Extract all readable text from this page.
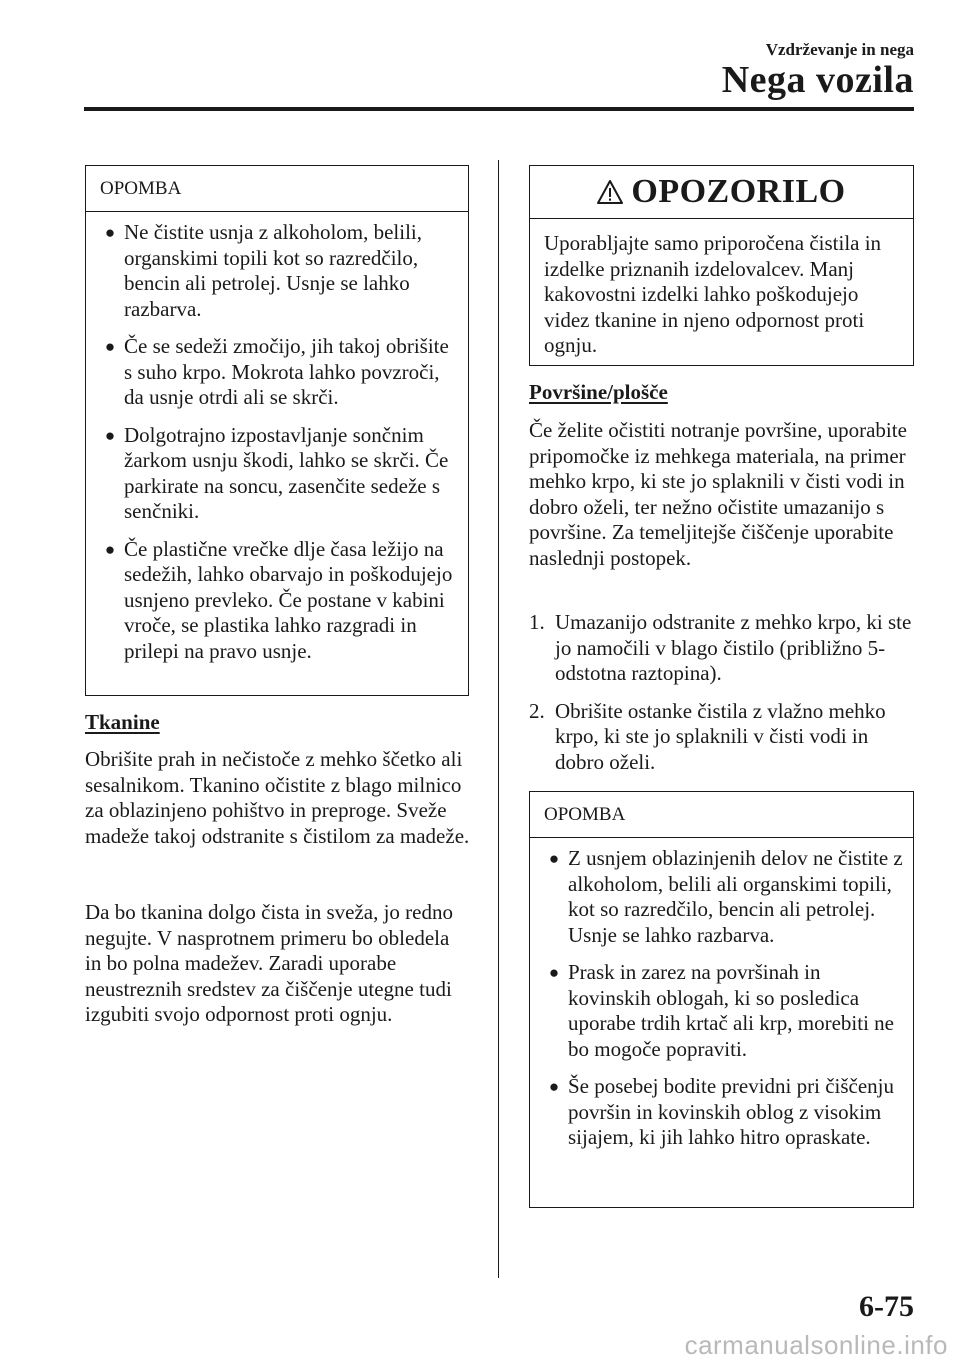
Vzdrževanje in nega
Nega vozila
OPOMBA
● Ne čistite usnja z alkoholom, belili, organskimi topili kot so razredčilo, bencin ali petrolej. Usnje se lahko razbarva.
● Če se sedeži zmočijo, jih takoj obrišite s suho krpo. Mokrota lahko povzroči, da usnje otrdi ali se skrči.
● Dolgotrajno izpostavljanje sončnim žarkom usnju škodi, lahko se skrči. Če parkirate na soncu, zasenčite sedeže s senčniki.
● Če plastične vrečke dlje časa ležijo na sedežih, lahko obarvajo in poškodujejo usnjeno prevleko. Če postane v kabini vroče, se plastika lahko razgradi in prilepi na pravo usnje.
Tkanine

Obrišite prah in nečistoče z mehko ščetko ali sesalnikom. Tkanino očistite z blago milnico za oblazinjeno pohištvo in preproge. Sveže madeže takoj odstranite s čistilom za madeže.

Da bo tkanina dolgo čista in sveža, jo redno negujte. V nasprotnem primeru bo obledela in bo polna madežev. Zaradi uporabe neustreznih sredstev za čiščenje utegne tudi izgubiti svojo odpornost proti ognju.

OPOZORILO
Uporabljajte samo priporočena čistila in izdelke priznanih izdelovalcev. Manj kakovostni izdelki lahko poškodujejo videz tkanine in njeno odpornost proti ognju.
Površine/plošče

Če želite očistiti notranje površine, uporabite pripomočke iz mehkega materiala, na primer mehko krpo, ki ste jo splaknili v čisti vodi in dobro oželi, ter nežno očistite umazanijo s površine. Za temeljitejše čiščenje uporabite naslednji postopek.

1. Umazanijo odstranite z mehko krpo, ki ste jo namočili v blago čistilo (približno 5-odstotna raztopina).
2. Obrišite ostanke čistila z vlažno mehko krpo, ki ste jo splaknili v čisti vodi in dobro oželi.
OPOMBA
● Z usnjem oblazinjenih delov ne čistite z alkoholom, belili ali organskimi topili, kot so razredčilo, bencin ali petrolej. Usnje se lahko razbarva.
● Prask in zarez na površinah in kovinskih oblogah, ki so posledica uporabe trdih krtač ali krp, morebiti ne bo mogoče popraviti.
● Še posebej bodite previdni pri čiščenju površin in kovinskih oblog z visokim sijajem, ki jih lahko hitro opraskate.
6-75
carmanualsonline.info
